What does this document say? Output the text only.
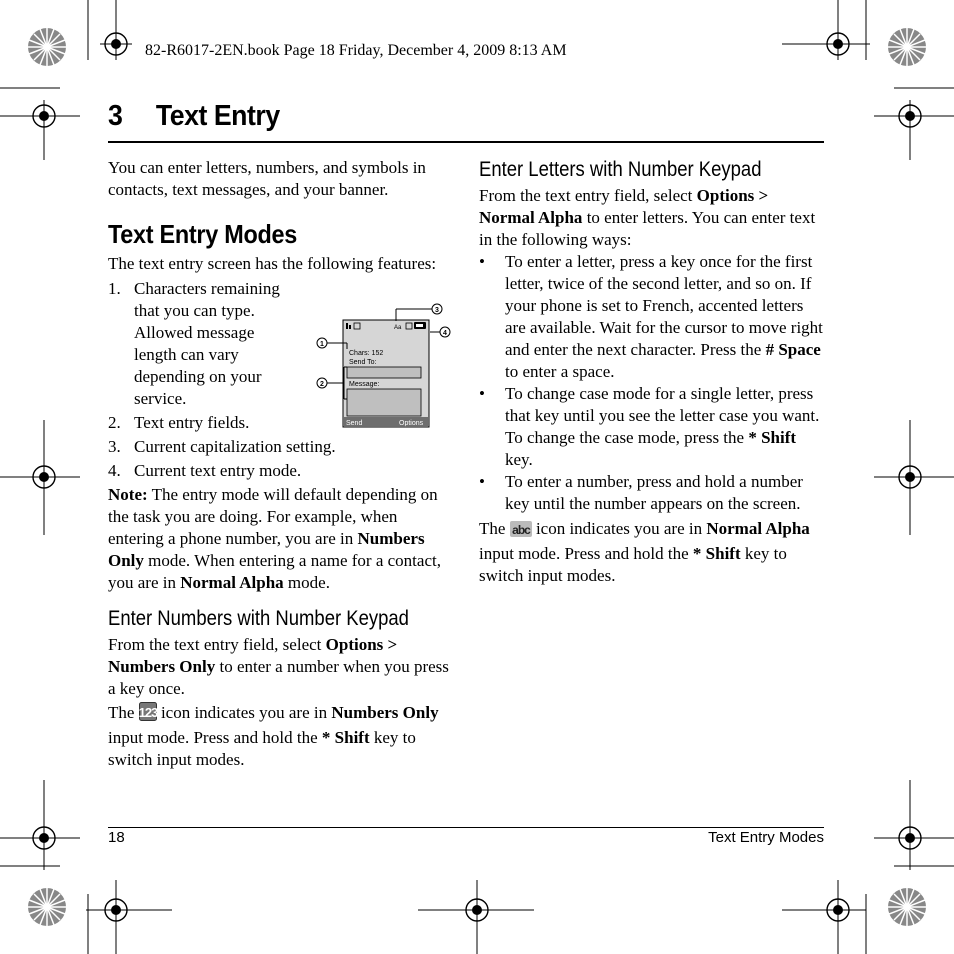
82-R6017-2EN.book Page 18 Friday, December 4, 2009 8:13 AM
3 Text Entry

You can enter letters, numbers, and symbols in contacts, text messages, and your banner.

Text Entry Modes

The text entry screen has the following features:

1. Characters remaining that you can type. Allowed message length can vary depending on your service.
2. Text entry fields.
3. Current capitalization setting.
4. Current text entry mode.

Note: The entry mode will default depending on the task you are doing. For example, when entering a phone number, you are in Numbers Only mode. When entering a name for a contact, you are in Normal Alpha mode.

Enter Numbers with Number Keypad

From the text entry field, select Options > Numbers Only to enter a number when you press a key once.

The 123 icon indicates you are in Numbers Only input mode. Press and hold the * Shift key to switch input modes.

Aa
Chars: 152
Send To:
Message:
Send	Options
1
2
3
4
Enter Letters with Number Keypad

From the text entry field, select Options > Normal Alpha to enter letters. You can enter text in the following ways:

• To enter a letter, press a key once for the first letter, twice of the second letter, and so on. If your phone is set to French, accented letters are available. Wait for the cursor to move right and enter the next character. Press the # Space to enter a space.
• To change case mode for a single letter, press that key until you see the letter case you want. To change the case mode, press the * Shift key.
• To enter a number, press and hold a number key until the number appears on the screen.

The abc icon indicates you are in Normal Alpha input mode. Press and hold the * Shift key to switch input modes.

18	Text Entry Modes
